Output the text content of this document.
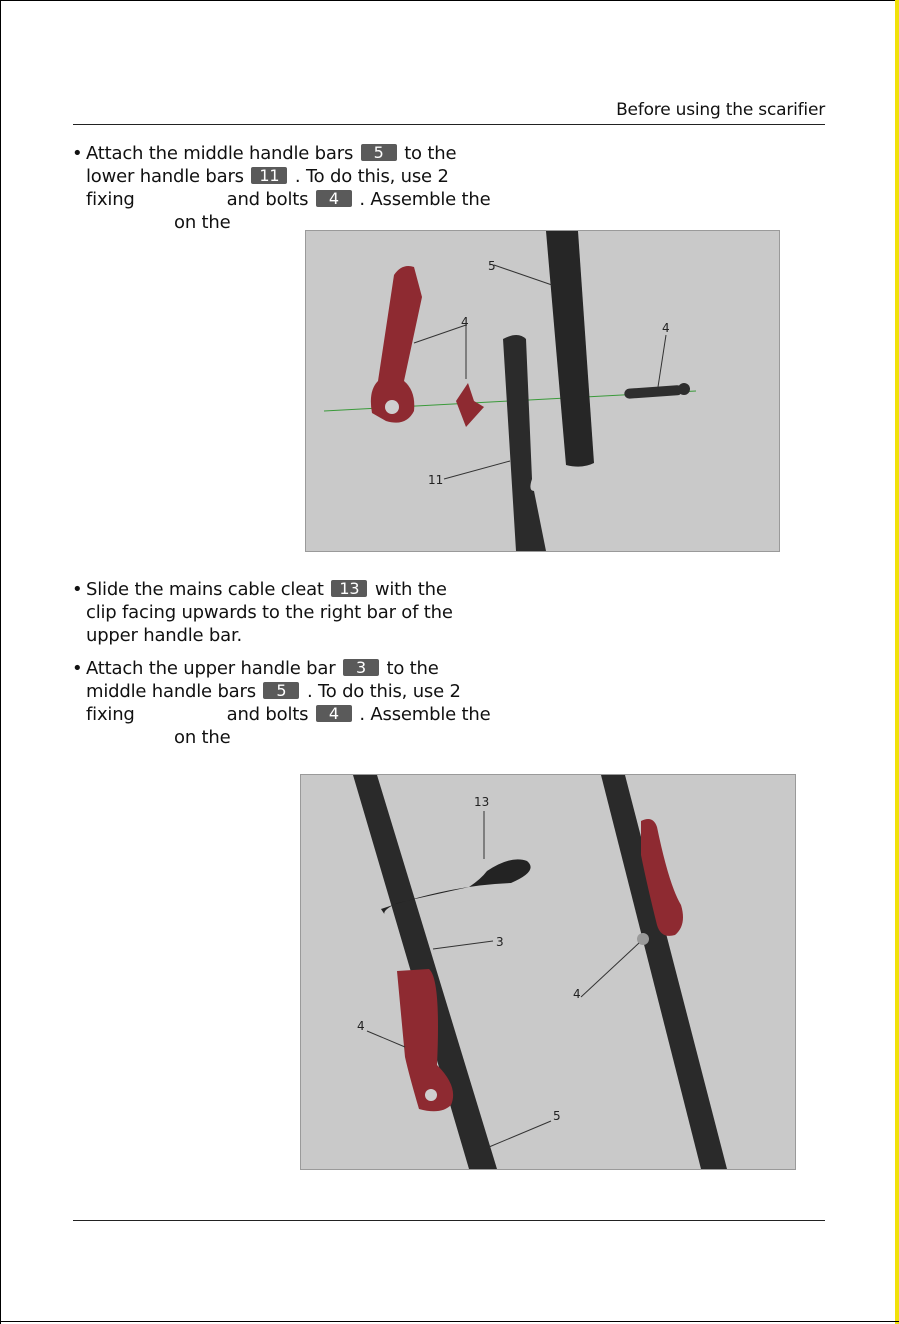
Before using the scarifier
• Attach the middle handle bars 5 to the
lower handle bars 11 . To do this, use 2
fixing	and bolts 4 . Assemble the
on the
5
4	4
11
• Slide the mains cable cleat 13 with the
clip facing upwards to the right bar of the
upper handle bar.
• Attach the upper handle bar 3 to the
middle handle bars 5 . To do this, use 2
fixing	and bolts 4 . Assemble the
on the
13
3
4
4
5
